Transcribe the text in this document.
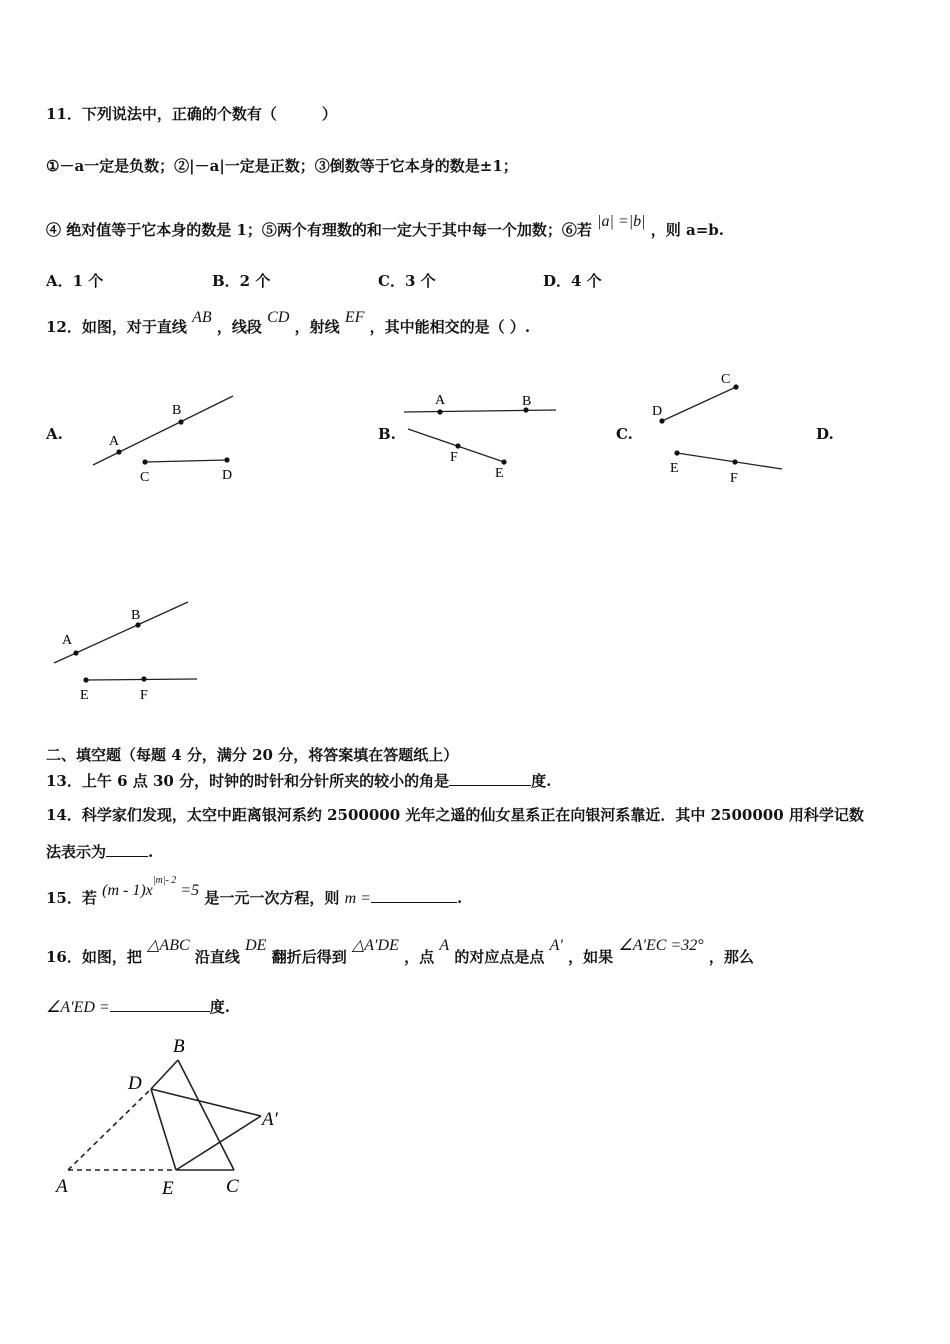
11．下列说法中，正确的个数有（　　　）
①－a一定是负数；②|－a|一定是正数；③倒数等于它本身的数是±1；
④ 绝对值等于它本身的数是 1；⑤两个有理数的和一定大于其中每一个加数；⑥若 |a| =|b| ，则 a=b.
A．1 个	B．2 个	C．3 个	D．4 个
12．如图，对于直线 AB ，线段 CD ，射线 EF ，其中能相交的是（ ）.
A.	B.	C.	D.
A
B
C	D
A	B
F
E
C
D
E
F
A
B
E	F
二、填空题（每题 4 分，满分 20 分，将答案填在答题纸上）
13．上午 6 点 30 分，时钟的时针和分针所夹的较小的角是	度.
14．科学家们发现，太空中距离银河系约 2500000 光年之遥的仙女星系正在向银河系靠近．其中 2500000 用科学记数
法表示为	.
15．若 $(m - 1)x^{|m|- 2} =5$ 是一元一次方程，则 m =	.
16．如图，把 △ABC 沿直线 DE 翻折后得到 △A′DE ，点 A 的对应点是点 A′ ，如果 ∠A′EC =32° ，那么
∠A′ED =	度.
B
D
A′
A	E	C
